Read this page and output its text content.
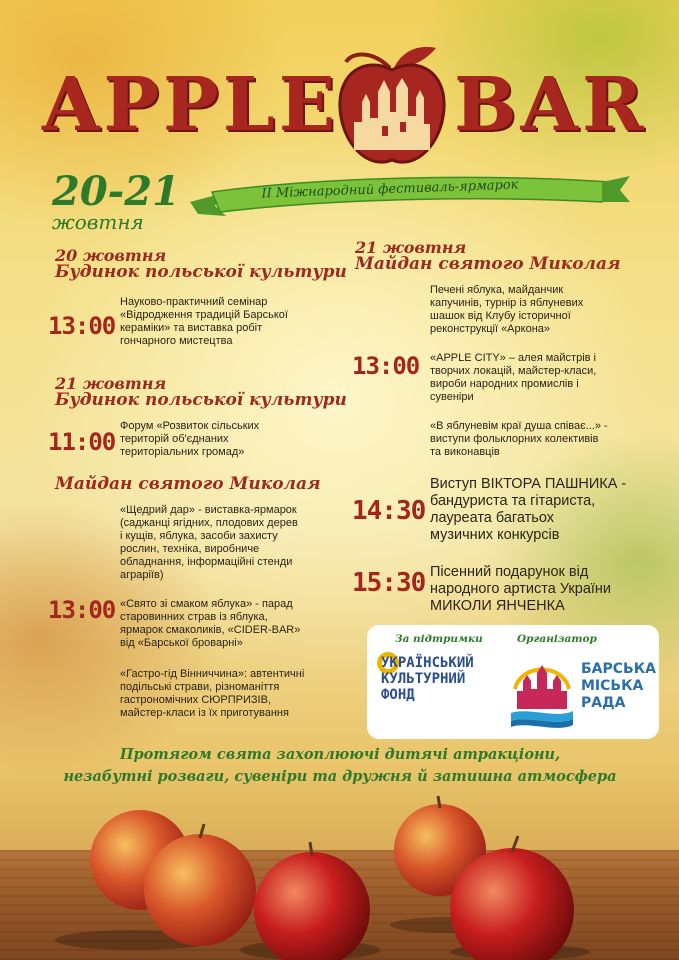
APPLE BAR
20-21
жовтня
II Міжнародний фестиваль-ярмарок
20 жовтня
Будинок польської культури
13:00
Науково-практичний семінар
«Відродження традицій Барської
кераміки» та виставка робіт
гончарного мистецтва
21 жовтня
Будинок польської культури
11:00
Форум «Розвиток сільських
територій об'єднаних
територіальних громад»
Майдан святого Миколая
«Щедрий дар» - виставка-ярмарок
(саджанці ягідних, плодових дерев
і кущів, яблука, засоби захисту
рослин, техніка, виробниче
обладнання, інформаційні стенди
аграріїв)
13:00 «Свято зі смаком яблука» - парад
старовинних страв із яблука,
ярмарок смаколиків, «CIDER-BAR»
від «Барської броварні»
«Гастро-гід Вінниччина»: автентичні
подільські страви, різноманіття
гастрономічних СЮРПРИЗІВ,
майстер-класи із їх приготування
21 жовтня
Майдан святого Миколая
Печені яблука, майданчик
капучинів, турнір із яблуневих
шашок від Клубу історичної
реконструкції «Аркона»
13:00 «APPLE CITY» – алея майстрів і
творчих локацій, майстер-класи,
вироби народних промислів і
сувеніри
«В яблуневім краї душа співає...» -
виступи фольклорних колективів
та виконавців
14:30
Виступ ВІКТОРА ПАШНИКА -
бандуриста та гітариста,
лауреата багатьох
музичних конкурсів
15:30 Пісенний подарунок від
народного артиста України
МИКОЛИ ЯНЧЕНКА
За підтримки	Організатор
УКРАЇНСЬКИЙ
КУЛЬТУРНИЙ
ФОНД
БАРСЬКА
МІСЬКА
РАДА
Протягом свята захоплюючі дитячі атракціони,
незабутні розваги, сувеніри та дружня й затишна атмосфера
